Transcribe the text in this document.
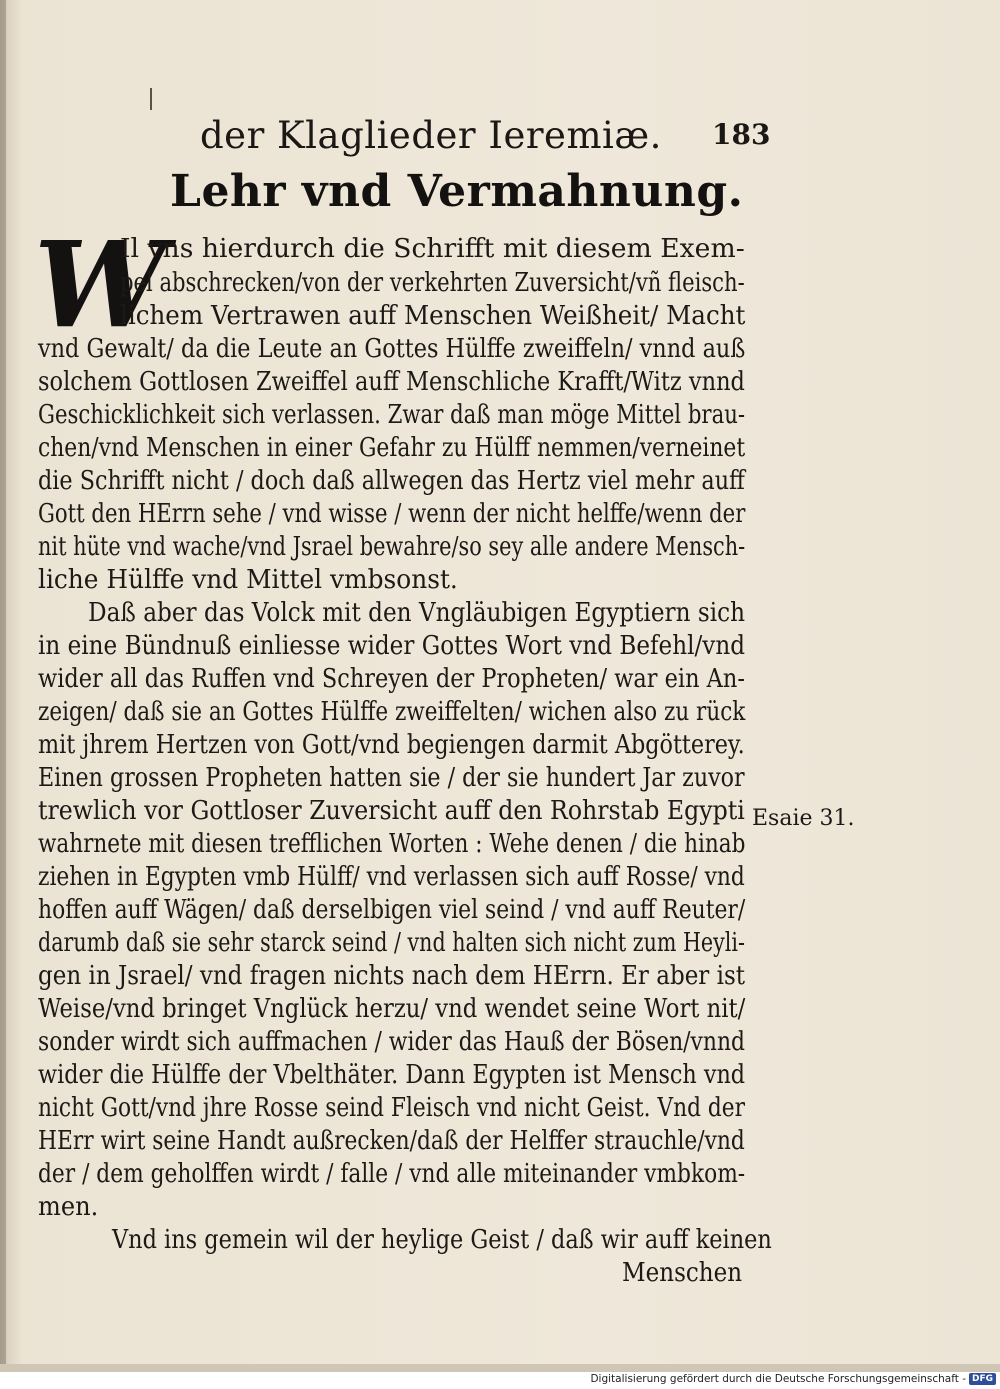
der Klaglieder Ieremiæ. 183
Lehr vnd Vermahnung.
W
Il vns hierdurch die Schrifft mit diesem Exem-
pel abschrecken/von der verkehrten Zuversicht/vñ fleisch-
lichem Vertrawen auff Menschen Weißheit/ Macht
vnd Gewalt/ da die Leute an Gottes Hülffe zweiffeln/ vnnd auß
solchem Gottlosen Zweiffel auff Menschliche Krafft/Witz vnnd
Geschicklichkeit sich verlassen. Zwar daß man möge Mittel brau-
chen/vnd Menschen in einer Gefahr zu Hülff nemmen/verneinet
die Schrifft nicht / doch daß allwegen das Hertz viel mehr auff
Gott den HErrn sehe / vnd wisse / wenn der nicht helffe/wenn der
nit hüte vnd wache/vnd Jsrael bewahre/so sey alle andere Mensch-
liche Hülffe vnd Mittel vmbsonst.
Daß aber das Volck mit den Vngläubigen Egyptiern sich
in eine Bündnuß einliesse wider Gottes Wort vnd Befehl/vnd
wider all das Ruffen vnd Schreyen der Propheten/ war ein An-
zeigen/ daß sie an Gottes Hülffe zweiffelten/ wichen also zu rück
mit jhrem Hertzen von Gott/vnd begiengen darmit Abgötterey.
Einen grossen Propheten hatten sie / der sie hundert Jar zuvor
trewlich vor Gottloser Zuversicht auff den Rohrstab Egypti
wahrnete mit diesen trefflichen Worten : Wehe denen / die hinab
ziehen in Egypten vmb Hülff/ vnd verlassen sich auff Rosse/ vnd
hoffen auff Wägen/ daß derselbigen viel seind / vnd auff Reuter/
darumb daß sie sehr starck seind / vnd halten sich nicht zum Heyli-
gen in Jsrael/ vnd fragen nichts nach dem HErrn. Er aber ist
Weise/vnd bringet Vnglück herzu/ vnd wendet seine Wort nit/
sonder wirdt sich auffmachen / wider das Hauß der Bösen/vnnd
wider die Hülffe der Vbelthäter. Dann Egypten ist Mensch vnd
nicht Gott/vnd jhre Rosse seind Fleisch vnd nicht Geist. Vnd der
HErr wirt seine Handt außrecken/daß der Helffer strauchle/vnd
der / dem geholffen wirdt / falle / vnd alle miteinander vmbkom-
men.
Vnd ins gemein wil der heylige Geist / daß wir auff keinen
Menschen
Esaie 31.
Digitalisierung gefördert durch die Deutsche Forschungsgemeinschaft - DFG
